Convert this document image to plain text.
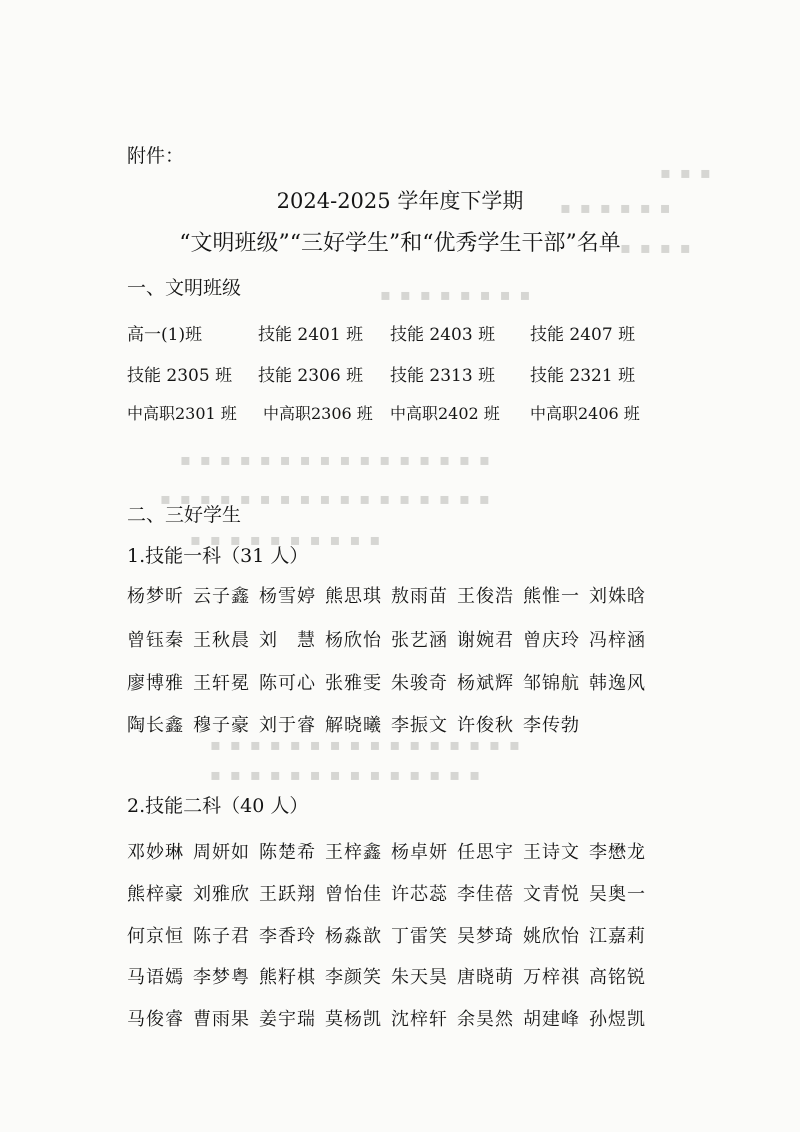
▪ ▪ ▪
▪ ▪ ▪ ▪ ▪ ▪
▪ ▪ ▪ ▪
▪ ▪ ▪ ▪ ▪ ▪ ▪ ▪
▪ ▪ ▪ ▪ ▪ ▪ ▪ ▪ ▪ ▪ ▪ ▪ ▪ ▪ ▪ ▪
▪ ▪ ▪ ▪ ▪ ▪ ▪ ▪ ▪ ▪ ▪ ▪ ▪ ▪ ▪ ▪ ▪
▪ ▪ ▪ ▪ ▪ ▪ ▪ ▪ ▪ ▪
▪ ▪ ▪ ▪ ▪ ▪ ▪ ▪ ▪ ▪ ▪ ▪ ▪ ▪ ▪ ▪
▪ ▪ ▪ ▪ ▪ ▪ ▪ ▪ ▪ ▪ ▪ ▪ ▪ ▪
附件：
2024-2025 学年度下学期
“文明班级”“三好学生”和“优秀学生干部”名单
一、文明班级
高一(1)班	技能 2401 班 技能 2403 班 技能 2407 班
技能 2305 班 技能 2306 班 技能 2313 班 技能 2321 班
中高职2301 班 中高职2306 班 中高职2402 班 中高职2406 班
二、三好学生
1.技能一科（31 人）
杨梦昕 云子鑫 杨雪婷 熊思琪 敖雨苗 王俊浩 熊惟一 刘姝晗
曾钰秦 王秋晨 刘　慧 杨欣怡 张艺涵 谢婉君 曾庆玲 冯梓涵
廖博雅 王轩冕 陈可心 张雅雯 朱骏奇 杨斌辉 邹锦航 韩逸风
陶长鑫 穆子豪 刘于睿 解晓曦 李振文 许俊秋 李传勃
2.技能二科（40 人）
邓妙琳 周妍如 陈楚希 王梓鑫 杨卓妍 任思宇 王诗文 李懋龙
熊梓豪 刘雅欣 王跃翔 曾怡佳 许芯蕊 李佳蓓 文青悦 吴奥一
何京恒 陈子君 李香玲 杨淼歆 丁雷笑 吴梦琦 姚欣怡 江嘉莉
马语嫣 李梦粤 熊籽棋 李颜笑 朱天昊 唐晓萌 万梓祺 高铭锐
马俊睿 曹雨果 姜宇瑞 莫杨凯 沈梓轩 余昊然 胡建峰 孙煜凯
